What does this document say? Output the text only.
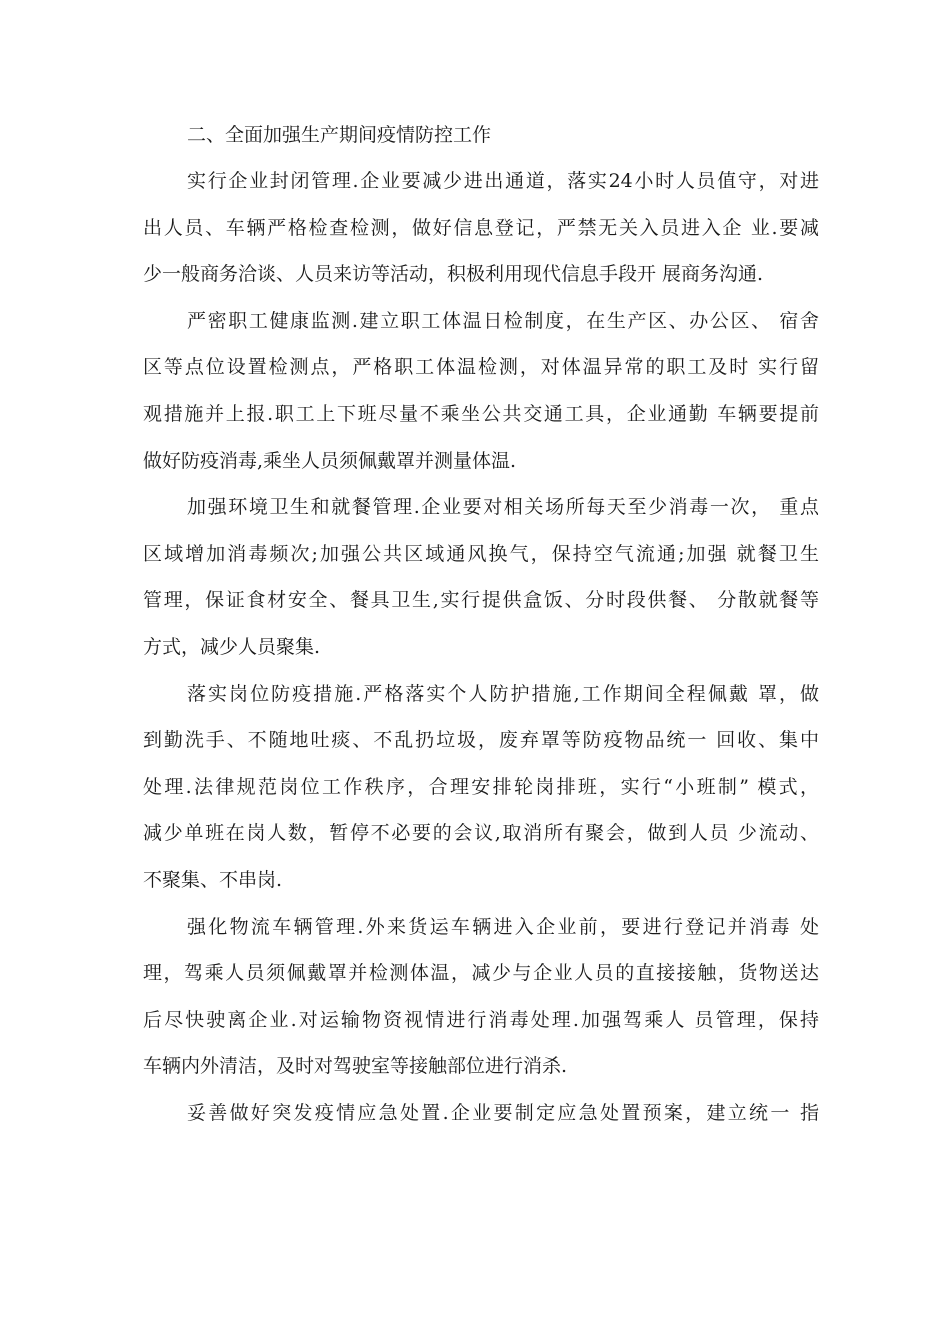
二、全面加强生产期间疫情防控工作
实行企业封闭管理.企业要减少进出通道，落实24小时人员值守，对进
出人员、车辆严格检查检测，做好信息登记，严禁无关入员进入企 业.要减
少一般商务洽谈、人员来访等活动，积极利用现代信息手段开 展商务沟通.
严密职工健康监测.建立职工体温日检制度，在生产区、办公区、 宿舍
区等点位设置检测点，严格职工体温检测，对体温异常的职工及时 实行留
观措施并上报.职工上下班尽量不乘坐公共交通工具，企业通勤 车辆要提前
做好防疫消毒,乘坐人员须佩戴罩并测量体温.
加强环境卫生和就餐管理.企业要对相关场所每天至少消毒一次， 重点
区域增加消毒频次;加强公共区域通风换气，保持空气流通;加强 就餐卫生
管理，保证食材安全、餐具卫生,实行提供盒饭、分时段供餐、 分散就餐等
方式，减少人员聚集.
落实岗位防疫措施.严格落实个人防护措施,工作期间全程佩戴 罩，做
到勤洗手、不随地吐痰、不乱扔垃圾，废弃罩等防疫物品统一 回收、集中
处理.法律规范岗位工作秩序，合理安排轮岗排班，实行“小班制” 模式，
减少单班在岗人数，暂停不必要的会议,取消所有聚会，做到人员 少流动、
不聚集、不串岗.
强化物流车辆管理.外来货运车辆进入企业前，要进行登记并消毒 处
理，驾乘人员须佩戴罩并检测体温，减少与企业人员的直接接触，货物送达
后尽快驶离企业.对运输物资视情进行消毒处理.加强驾乘人 员管理，保持
车辆内外清洁，及时对驾驶室等接触部位进行消杀.
妥善做好突发疫情应急处置.企业要制定应急处置预案，建立统一 指
